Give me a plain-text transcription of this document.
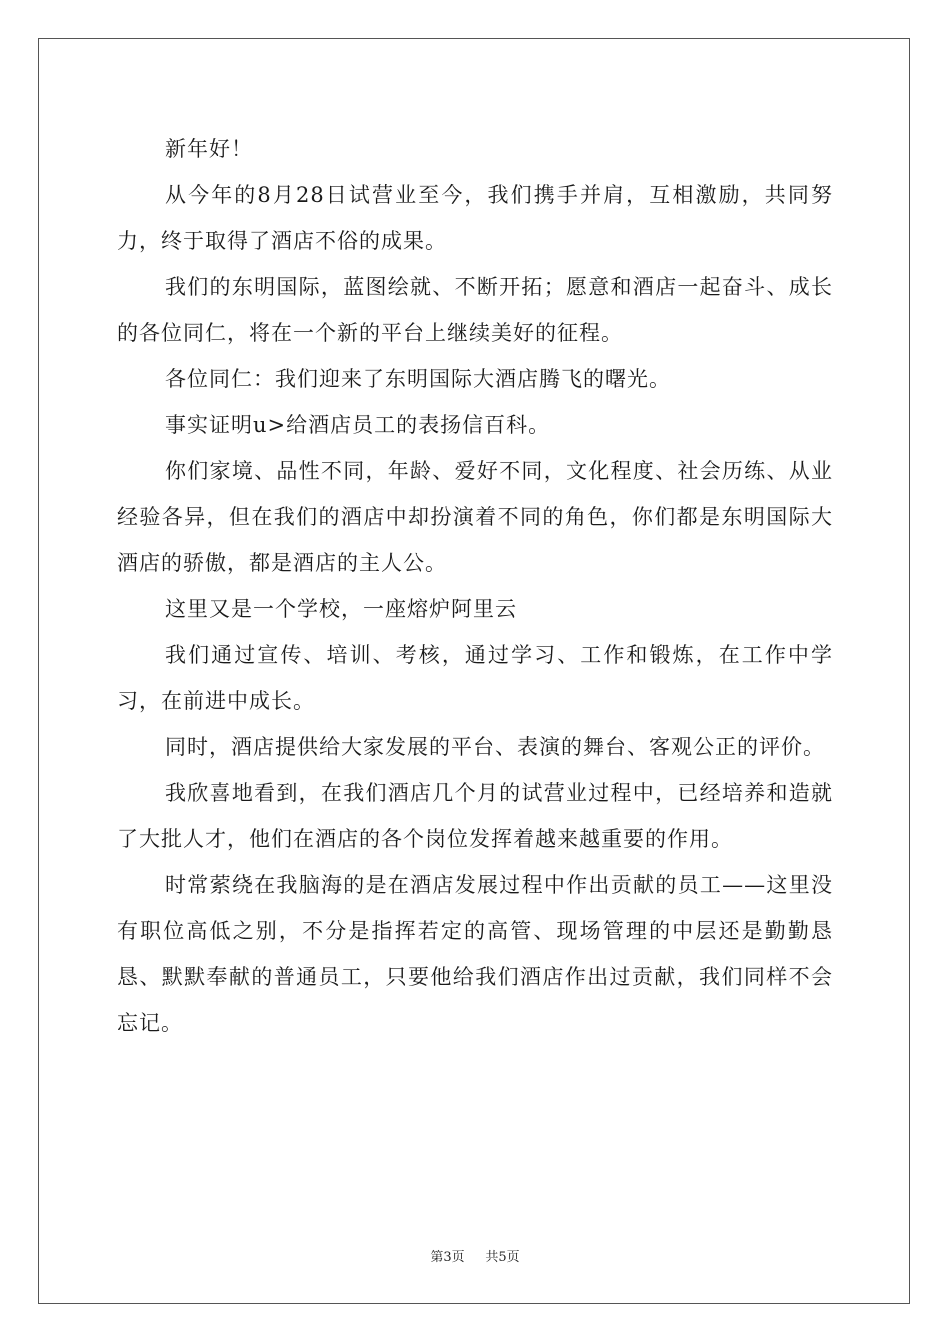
新年好！

从今年的8月28日试营业至今，我们携手并肩，互相激励，共同努力，终于取得了酒店不俗的成果。

我们的东明国际，蓝图绘就、不断开拓；愿意和酒店一起奋斗、成长的各位同仁，将在一个新的平台上继续美好的征程。

各位同仁：我们迎来了东明国际大酒店腾飞的曙光。

事实证明u>给酒店员工的表扬信百科。

你们家境、品性不同，年龄、爱好不同，文化程度、社会历练、从业经验各异，但在我们的酒店中却扮演着不同的角色，你们都是东明国际大酒店的骄傲，都是酒店的主人公。

这里又是一个学校，一座熔炉阿里云

我们通过宣传、培训、考核，通过学习、工作和锻炼，在工作中学习，在前进中成长。

同时，酒店提供给大家发展的平台、表演的舞台、客观公正的评价。

我欣喜地看到，在我们酒店几个月的试营业过程中，已经培养和造就了大批人才，他们在酒店的各个岗位发挥着越来越重要的作用。

时常萦绕在我脑海的是在酒店发展过程中作出贡献的员工——这里没有职位高低之别，不分是指挥若定的高管、现场管理的中层还是勤勤恳恳、默默奉献的普通员工，只要他给我们酒店作出过贡献，我们同样不会忘记。

第3页 共5页
